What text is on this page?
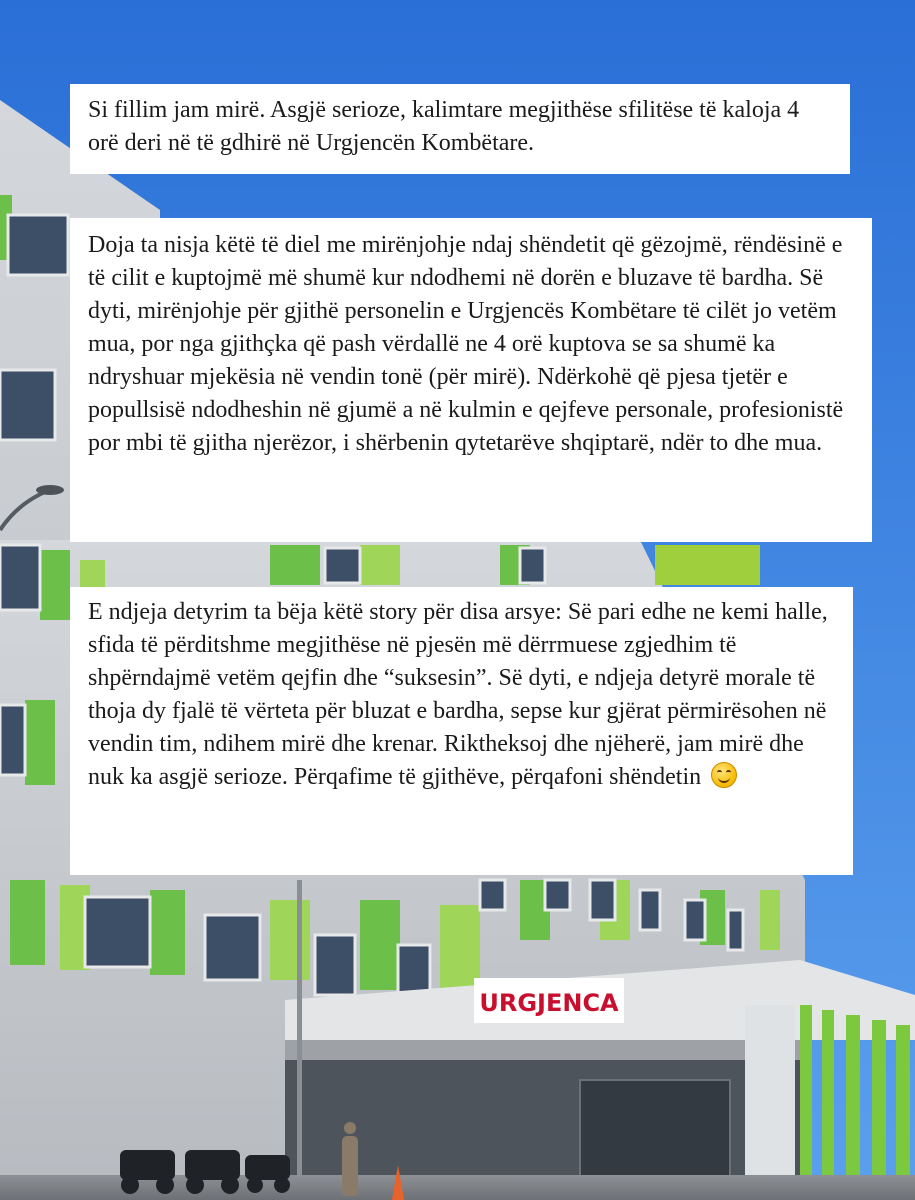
URGJENCA
Si fillim jam mirë. Asgjë serioze, kalimtare megjithëse sfilitëse të kaloja 4 orë deri në të gdhirë në Urgjencën Kombëtare.
Doja ta nisja këtë të diel me mirënjohje ndaj shëndetit që gëzojmë, rëndësinë e të cilit e kuptojmë më shumë kur ndodhemi në dorën e bluzave të bardha. Së dyti, mirënjohje për gjithë personelin e Urgjencës Kombëtare të cilët jo vetëm mua, por nga gjithçka që pash vërdallë ne 4 orë kuptova se sa shumë ka ndryshuar mjekësia në vendin tonë (për mirë). Ndërkohë që pjesa tjetër e popullsisë ndodheshin në gjumë a në kulmin e qejfeve personale, profesionistë por mbi të gjitha njerëzor, i shërbenin qytetarëve shqiptarë, ndër to dhe mua.
E ndjeja detyrim ta bëja këtë story për disa arsye: Së pari edhe ne kemi halle, sfida të përditshme megjithëse në pjesën më dërrmuese zgjedhim të shpërndajmë vetëm qejfin dhe “suksesin”. Së dyti, e ndjeja detyrë morale të thoja dy fjalë të vërteta për bluzat e bardha, sepse kur gjërat përmirësohen në vendin tim, ndihem mirë dhe krenar. Riktheksoj dhe njëherë, jam mirë dhe nuk ka asgjë serioze. Përqafime të gjithëve, përqafoni shëndetin
